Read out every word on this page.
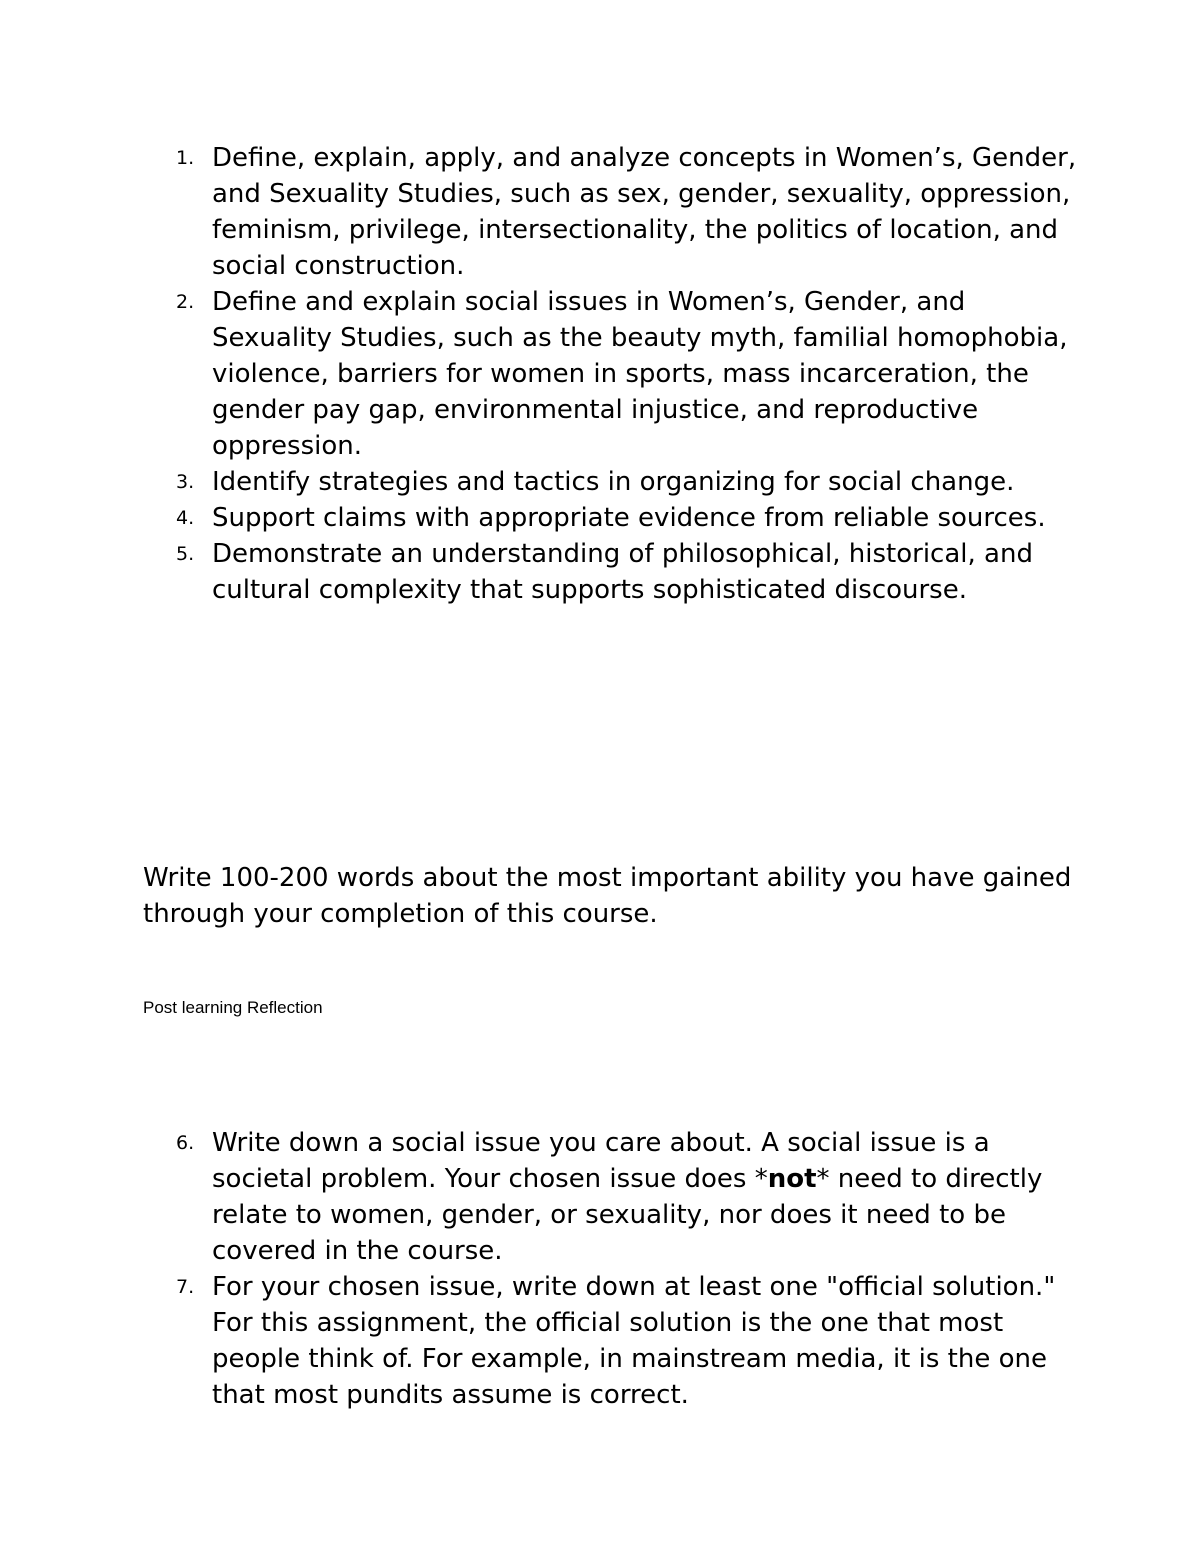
1. Define, explain, apply, and analyze concepts in Women’s, Gender, and Sexuality Studies, such as sex, gender, sexuality, oppression, feminism, privilege, intersectionality, the politics of location, and social construction.
2. Define and explain social issues in Women’s, Gender, and Sexuality Studies, such as the beauty myth, familial homophobia, violence, barriers for women in sports, mass incarceration, the gender pay gap, environmental injustice, and reproductive oppression.
3. Identify strategies and tactics in organizing for social change.
4. Support claims with appropriate evidence from reliable sources.
5. Demonstrate an understanding of philosophical, historical, and cultural complexity that supports sophisticated discourse.

Write 100-200 words about the most important ability you have gained through your completion of this course.

Post learning Reflection

6. Write down a social issue you care about. A social issue is a societal problem. Your chosen issue does *not* need to directly relate to women, gender, or sexuality, nor does it need to be covered in the course.
7. For your chosen issue, write down at least one "official solution." For this assignment, the official solution is the one that most people think of. For example, in mainstream media, it is the one that most pundits assume is correct.
